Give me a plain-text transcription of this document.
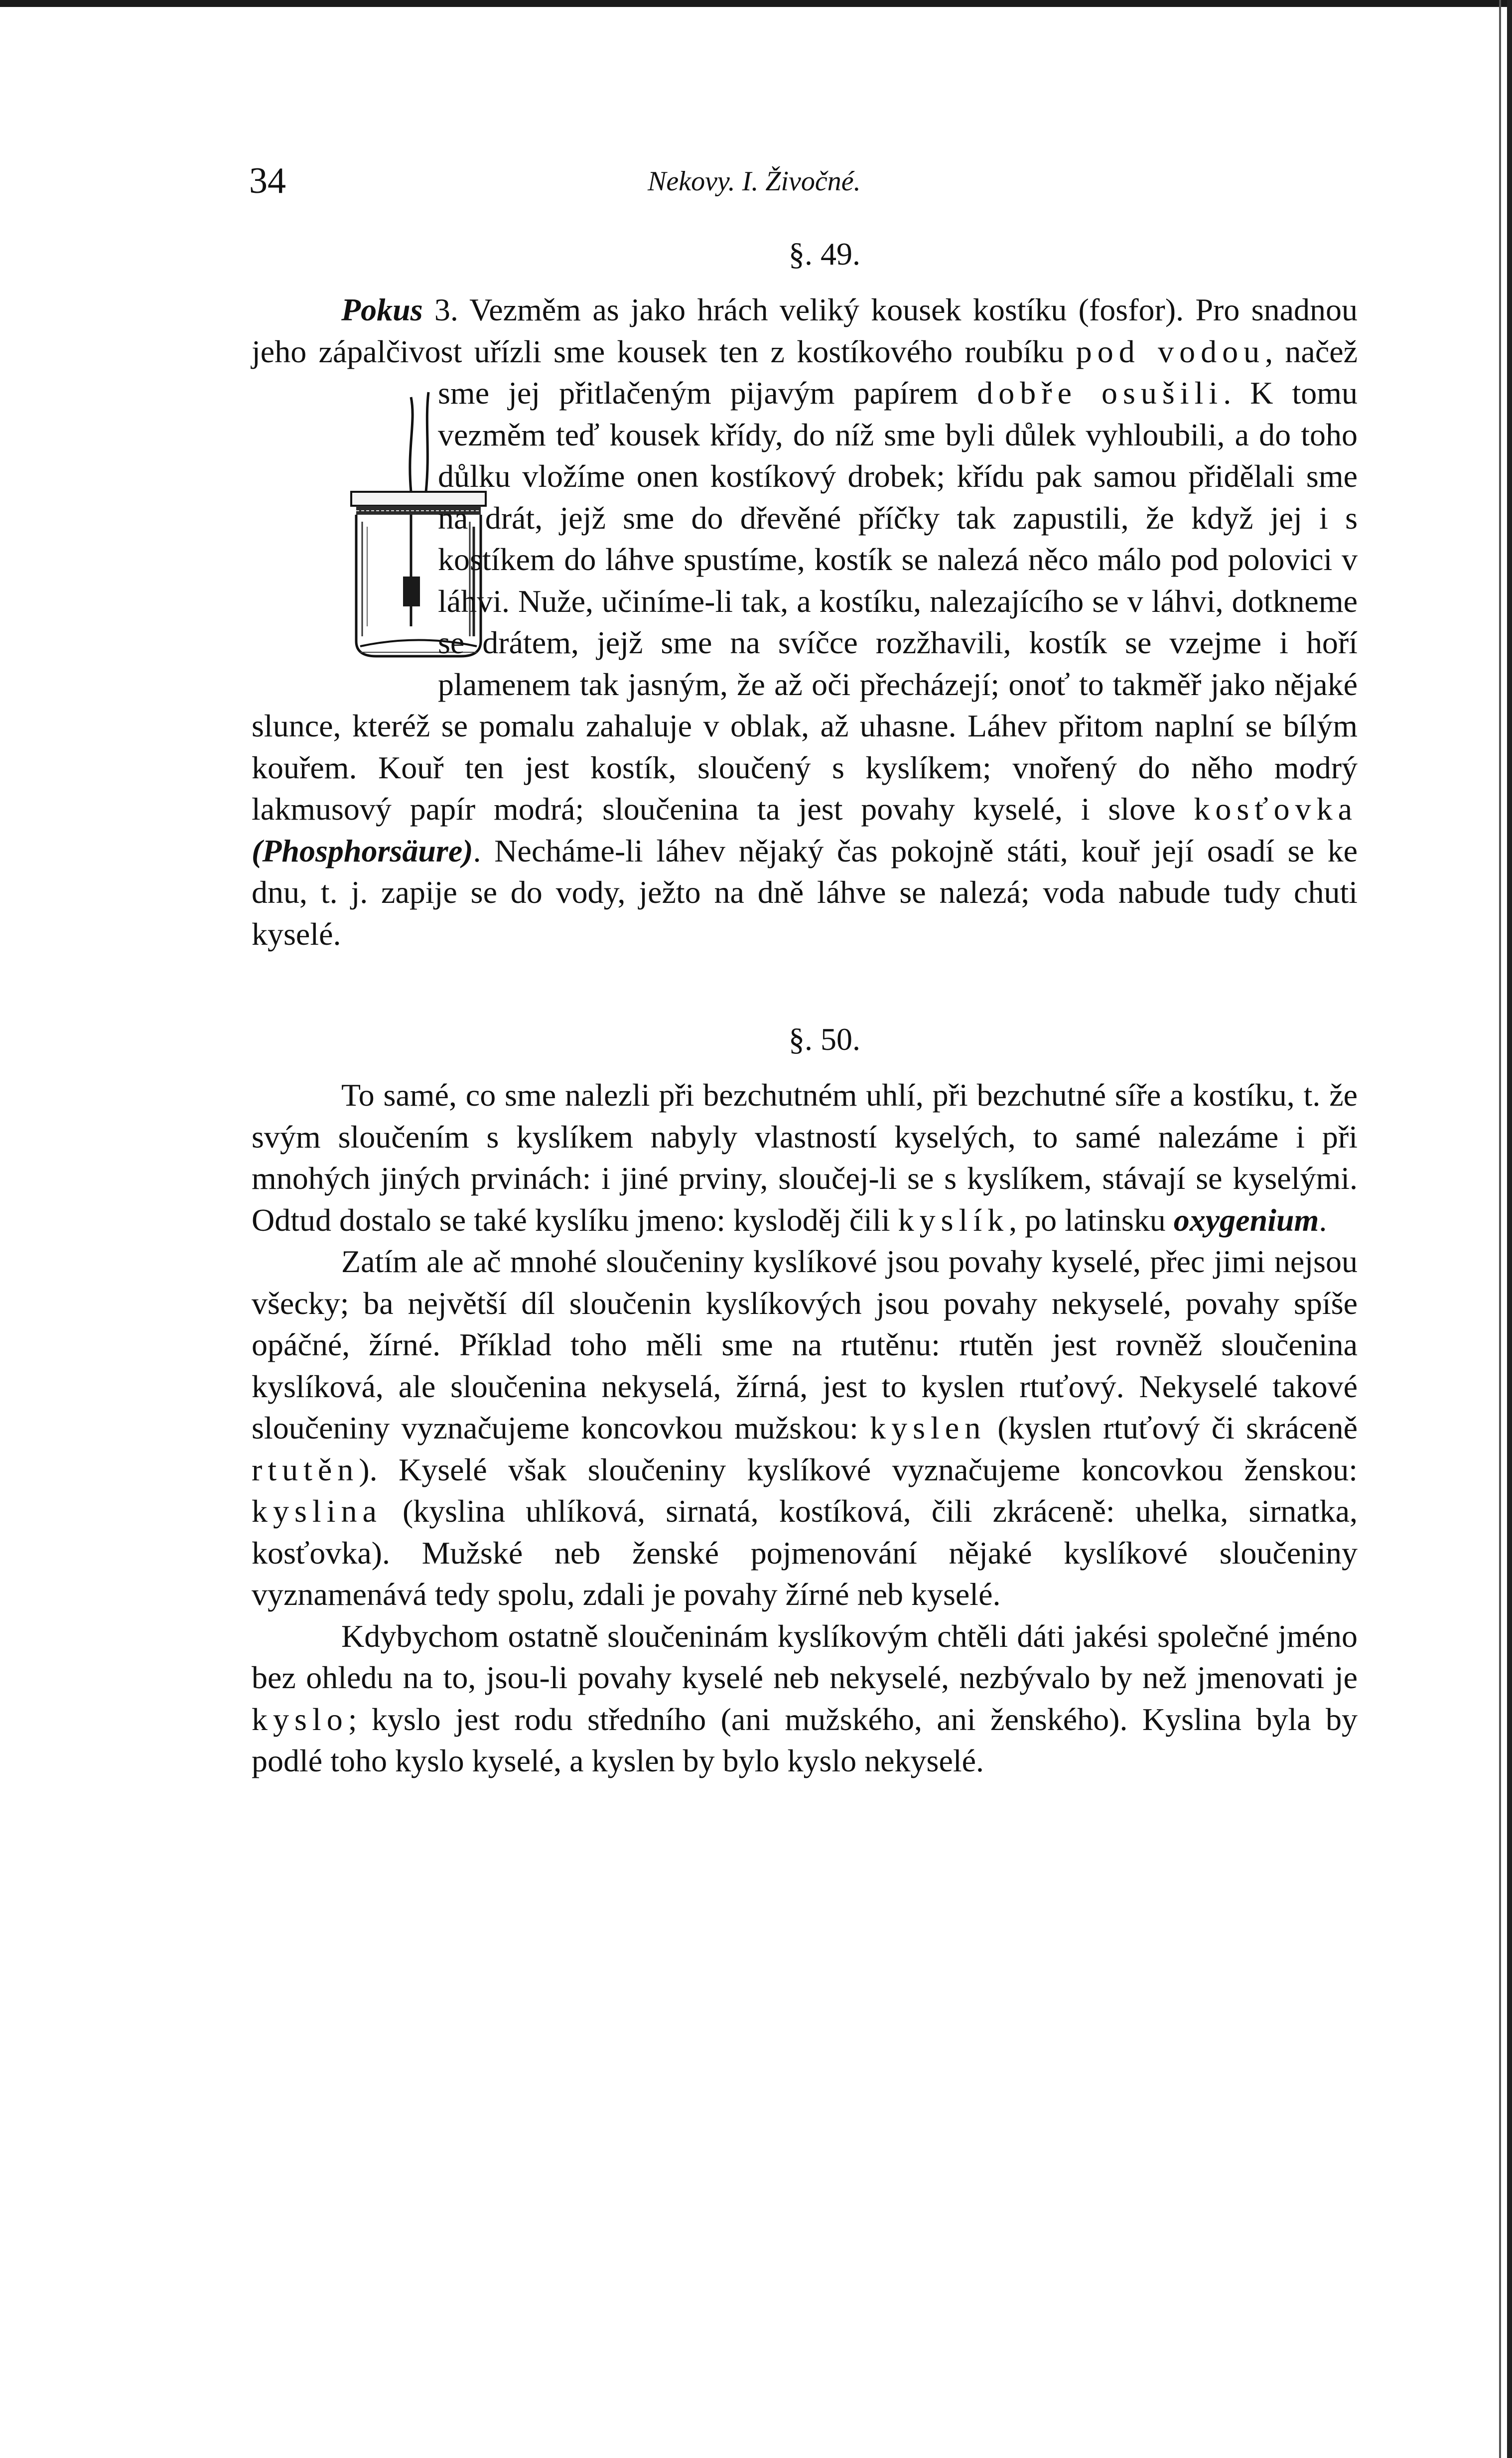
34	Nekovy. I. Živočné.
§. 49.

Pokus 3. Vezměm as jako hrách veliký kousek kostíku (fosfor). Pro snadnou jeho zápalčivost uřízli sme kousek ten z kostíkového roubíku pod vodou, načež sme jej přitlačeným pijavým papírem dobře osušili
. K tomu vezměm teď kousek křídy, do níž sme byli důlek vyhloubili, a do toho důlku vložíme onen kostíkový drobek; křídu pak samou přidělali sme na drát, jejž sme do dřevěné příčky tak zapustili, že když jej i s kostíkem do láhve spustíme, kostík se nalezá něco málo pod polovici v láhvi. Nuže, učiníme-li tak, a kostíku, nalezajícího se v láhvi, dotkneme se drátem, jejž sme na svíčce rozžhavili, kostík se vzejme i hoří plamenem tak jasným, že až oči přecházejí; onoť to takměř jako nějaké slunce, kteréž se pomalu zahaluje v oblak, až uhasne. Láhev přitom naplní se bílým kouřem. Kouř ten jest kostík, sloučený s kyslíkem; vnořený do něho modrý lakmusový papír modrá; sloučenina ta jest povahy kyselé, i slove kosťovka (Phosphorsäure). Necháme-li láhev nějaký čas pokojně státi, kouř její osadí se ke dnu, t. j. zapije se do vody, ježto na dně láhve se nalezá; voda nabude tudy chuti kyselé.

§. 50.

To samé, co sme nalezli při bezchutném uhlí, při bezchutné síře a kostíku, t. že svým sloučením s kyslíkem nabyly vlastností kyselých, to samé nalezáme i při mnohých jiných prvinách: i jiné prviny, sloučej-li se s kyslíkem, stávají se kyselými. Odtud dostalo se také kyslíku jmeno: kysloděj čili kyslík, po latinsku oxygenium.

Zatím ale ač mnohé sloučeniny kyslíkové jsou povahy kyselé, přec jimi nejsou všecky; ba největší díl sloučenin kyslíkových jsou povahy nekyselé, povahy spíše opáčné, žírné. Příklad toho měli sme na rtutěnu: rtutěn jest rovněž sloučenina kyslíková, ale sloučenina nekyselá, žírná, jest to kyslen rtuťový. Nekyselé takové sloučeniny vyznačujeme koncovkou mužskou: kyslen (kyslen rtuťový či skráceně rtutěn). Kyselé však sloučeniny kyslíkové vyznačujeme koncovkou ženskou: kyslina (kyslina uhlíková, sirnatá, kostíková, čili zkráceně: uhelka, sirnatka, kosťovka). Mužské neb ženské pojmenování nějaké kyslíkové sloučeniny vyznamenává tedy spolu, zdali je povahy žírné neb kyselé.

Kdybychom ostatně sloučeninám kyslíkovým chtěli dáti jakési společné jméno bez ohledu na to, jsou-li povahy kyselé neb nekyselé, nezbývalo by než jmenovati je kyslo; kyslo jest rodu středního (ani mužského, ani ženského). Kyslina byla by podlé toho kyslo kyselé, a kyslen by bylo kyslo nekyselé.
